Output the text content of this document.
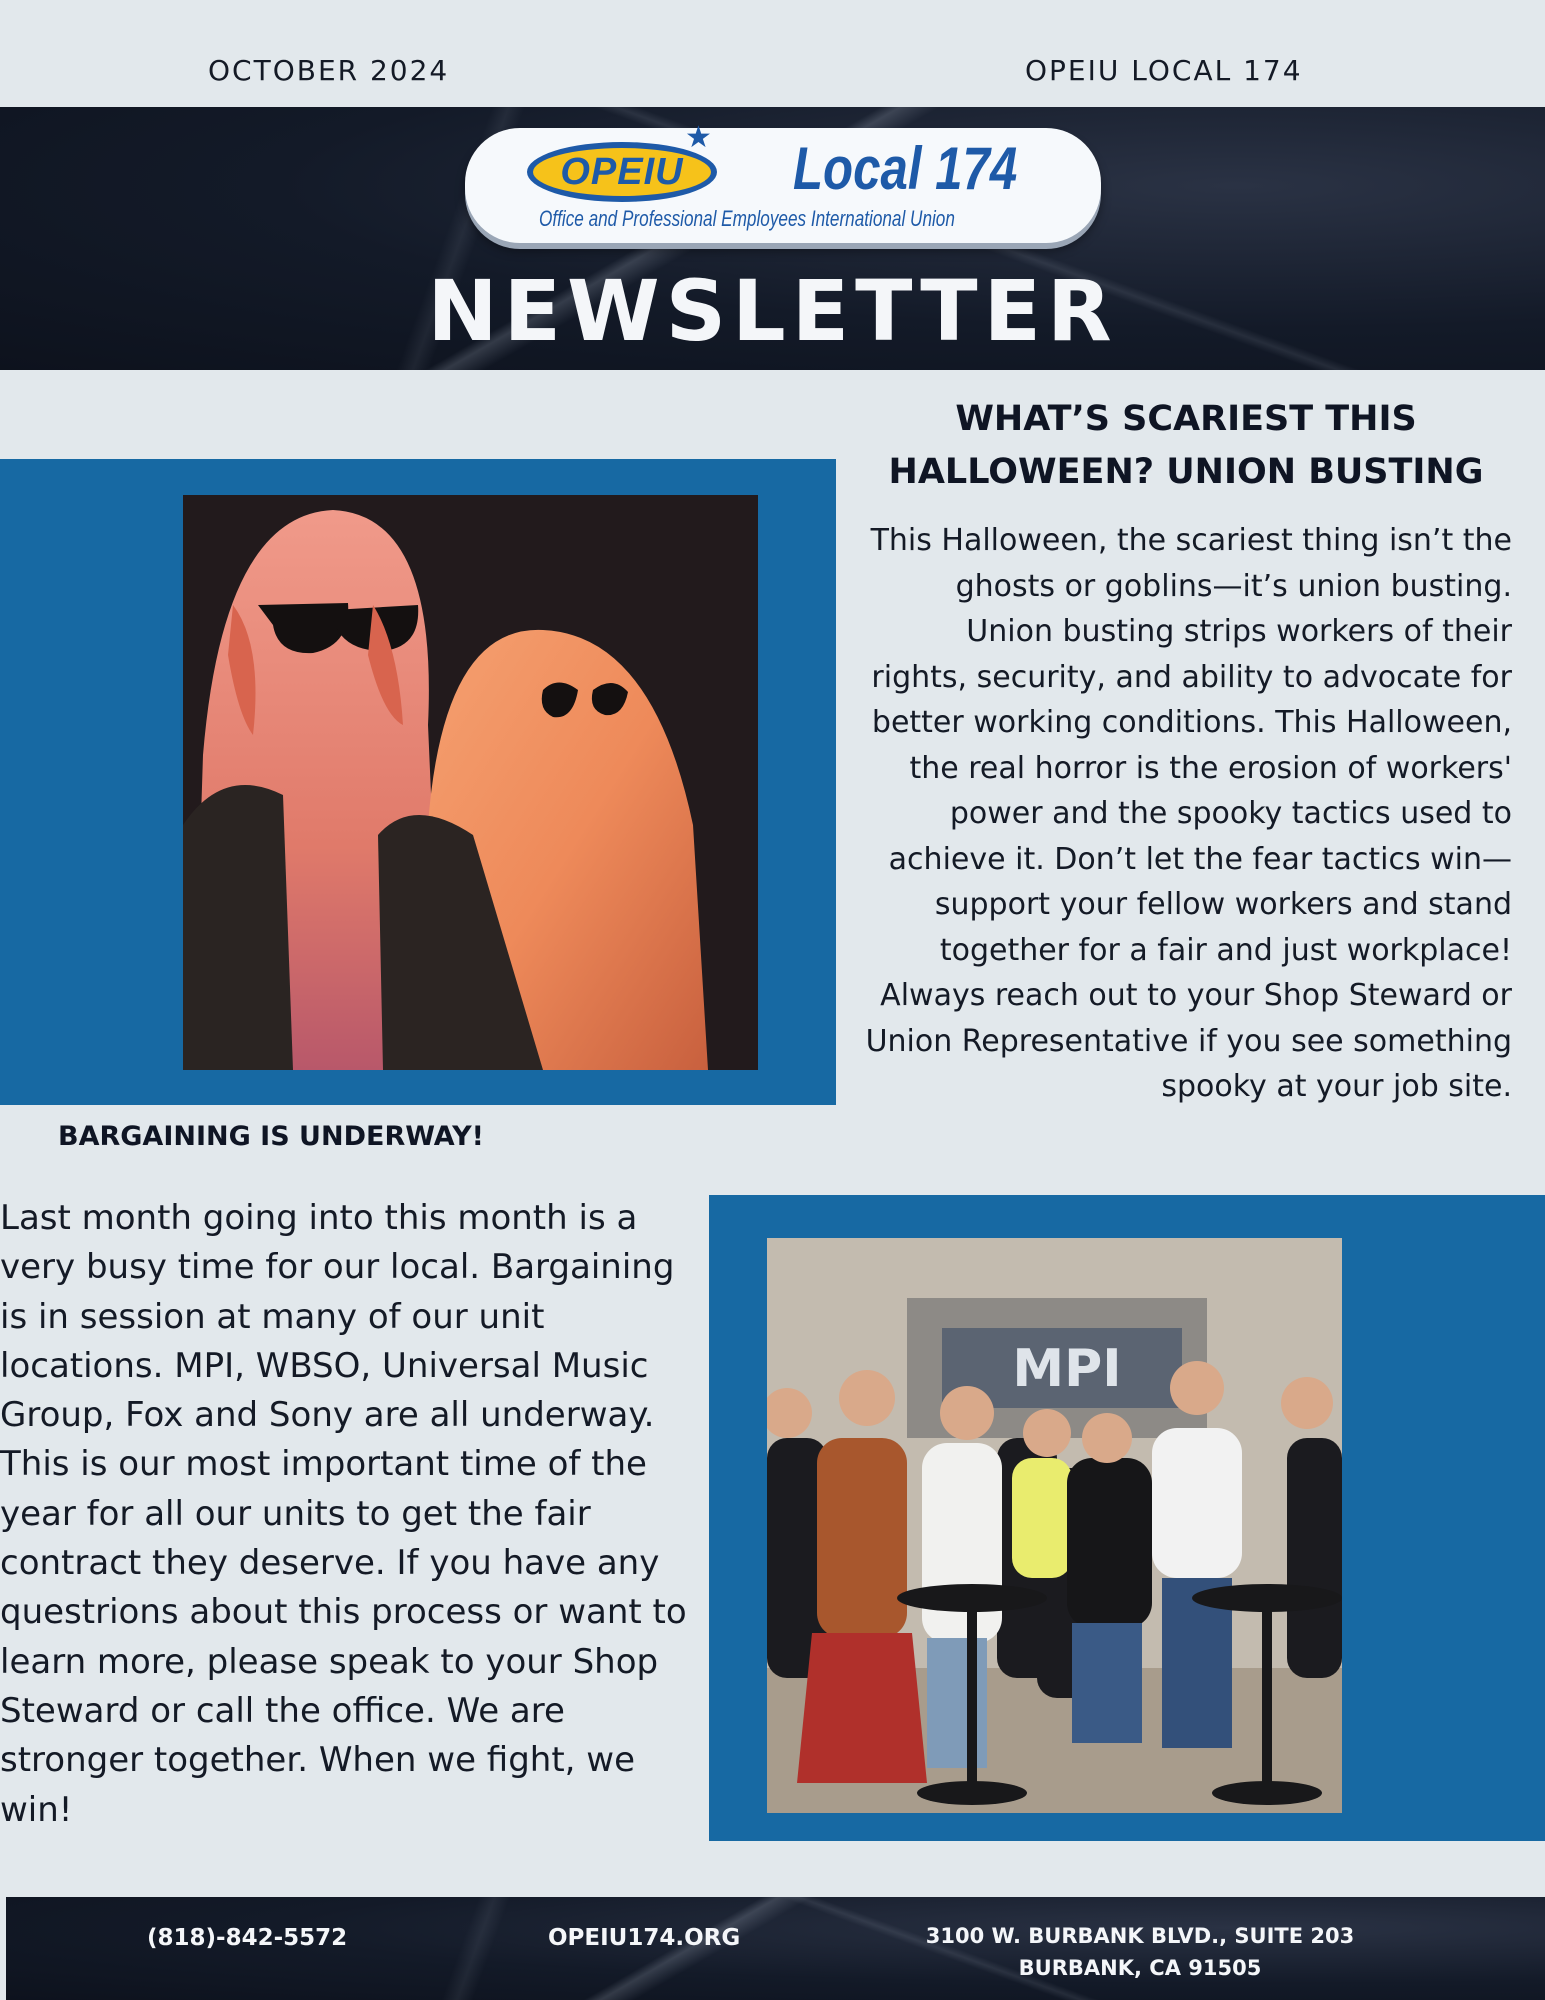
OCTOBER 2024	OPEIU LOCAL 174
OPEIU
★ Local 174
Office and Professional Employees International Union
NEWSLETTER
WHAT’S SCARIEST THIS HALLOWEEN? UNION BUSTING
This Halloween, the scariest thing isn’t the ghosts or goblins—it’s union busting. Union busting strips workers of their rights, security, and ability to advocate for better working conditions. This Halloween, the real horror is the erosion of workers' power and the spooky tactics used to achieve it. Don’t let the fear tactics win—support your fellow workers and stand together for a fair and just workplace! Always reach out to your Shop Steward or Union Representative if you see something spooky at your job site.
BARGAINING IS UNDERWAY!
Last month going into this month is a very busy time for our local. Bargaining is in session at many of our unit locations. MPI, WBSO, Universal Music Group, Fox and Sony are all underway. This is our most important time of the year for all our units to get the fair contract they deserve. If you have any questrions about this process or want to learn more, please speak to your Shop Steward or call the office. We are stronger together. When we fight, we win!
MPI
(818)-842-5572	OPEIU174.ORG	3100 W. BURBANK BLVD., SUITE 203
BURBANK, CA 91505
